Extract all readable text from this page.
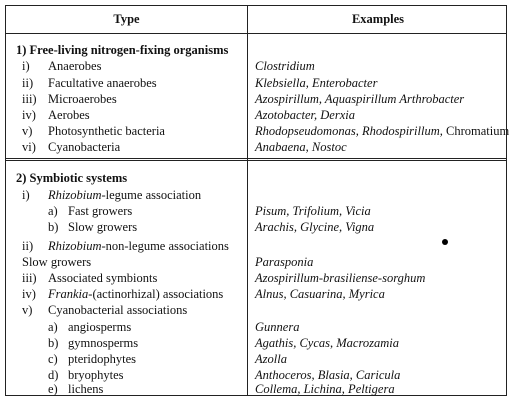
Type	Examples
1) Free-living nitrogen-fixing organisms
i) Anaerobes	Clostridium
ii) Facultative anaerobes	Klebsiella, Enterobacter
iii) Microaerobes	Azospirillum, Aquaspirillum Arthrobacter
iv) Aerobes	Azotobacter, Derxia
v) Photosynthetic bacteria	Rhodopseudomonas, Rhodospirillum, Chromatium
vi) Cyanobacteria	Anabaena, Nostoc
2) Symbiotic systems
i) Rhizobium-legume association
a) Fast growers	Pisum, Trifolium, Vicia
b) Slow growers	Arachis, Glycine, Vigna
ii) Rhizobium-non-legume associations
Slow growers	Parasponia
iii) Associated symbionts	Azospirillum-brasiliense-sorghum
iv) Frankia-(actinorhizal) associations	Alnus, Casuarina, Myrica
v) Cyanobacterial associations
a) angiosperms	Gunnera
b) gymnosperms	Agathis, Cycas, Macrozamia
c) pteridophytes	Azolla
d) bryophytes	Anthoceros, Blasia, Caricula
e) lichens	Collema, Lichina, Peltigera
